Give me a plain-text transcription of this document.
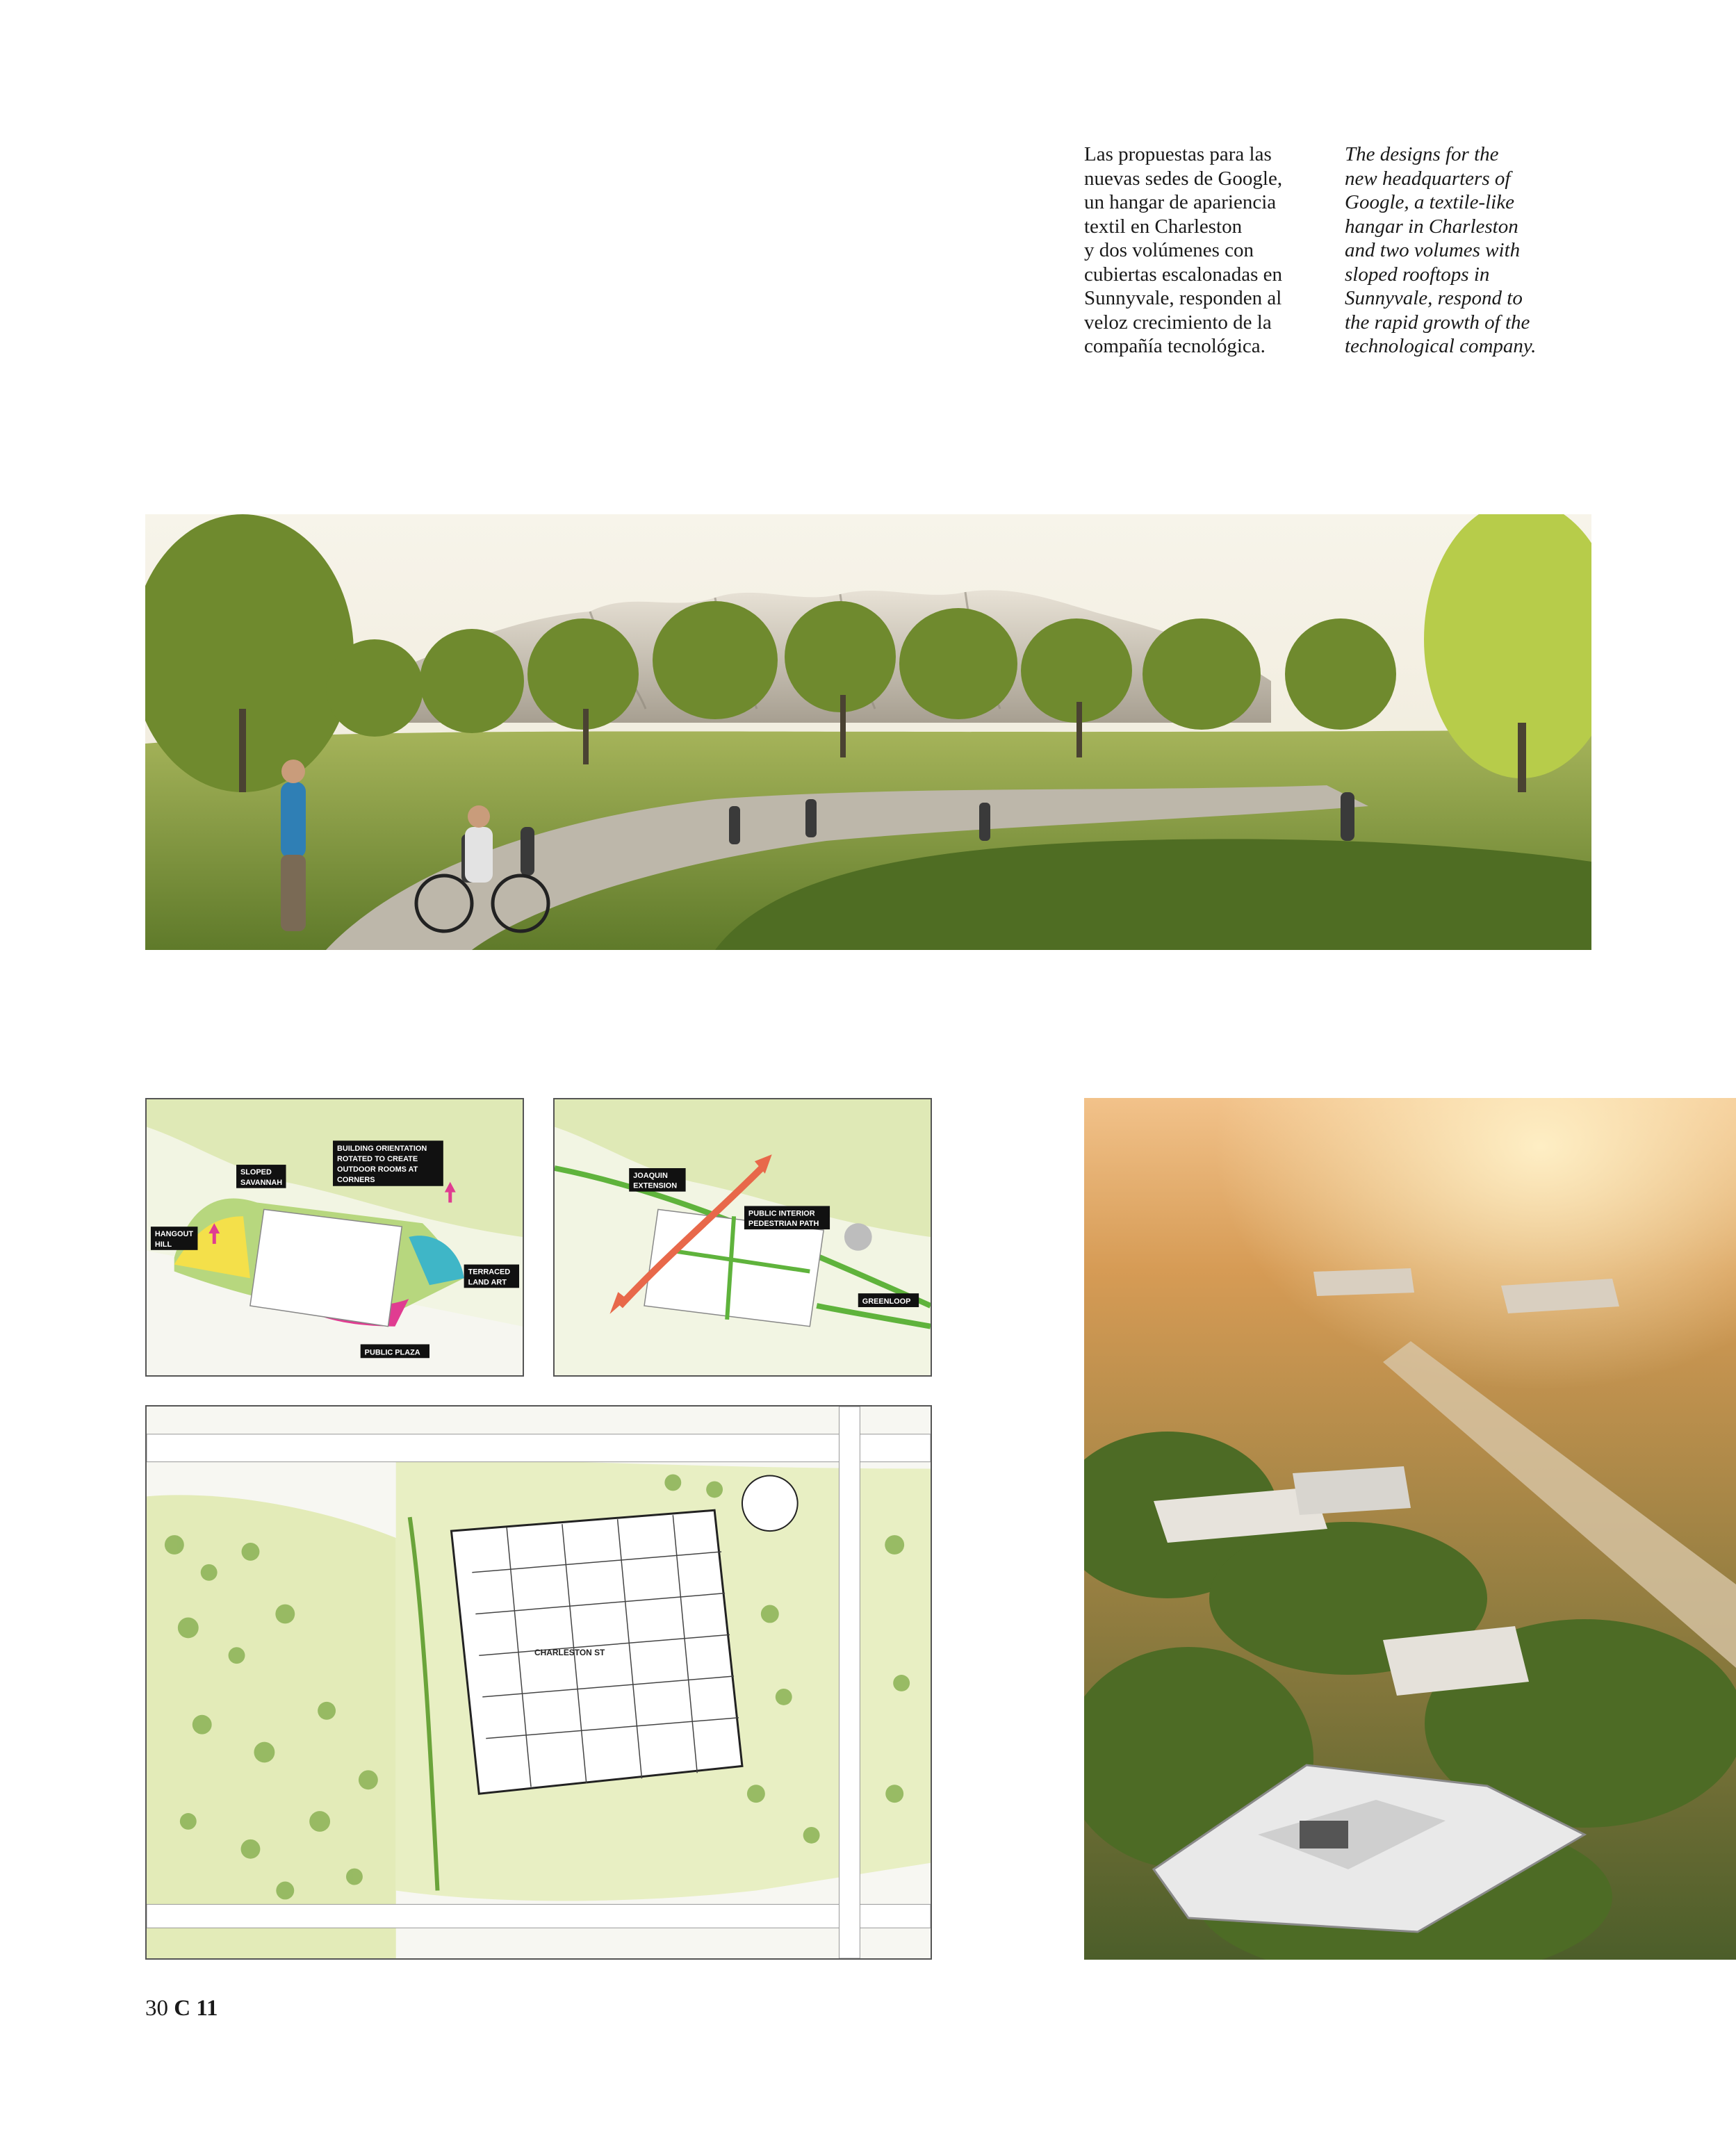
Las propuestas para las
nuevas sedes de Google,
un hangar de apariencia
textil en Charleston
y dos volúmenes con
cubiertas escalonadas en
Sunnyvale, responden al
veloz crecimiento de la
compañía tecnológica.

The designs for the
new headquarters of
Google, a textile-like
hangar in Charleston
and two volumes with
sloped rooftops in
Sunnyvale, respond to
the rapid growth of the
technological company.

SLOPED
SAVANNAH
BUILDING ORIENTATION
ROTATED TO CREATE
OUTDOOR ROOMS AT
CORNERS
HANGOUT
HILL
TERRACED
LAND ART
PUBLIC PLAZA
JOAQUIN
EXTENSION
PUBLIC INTERIOR
PEDESTRIAN PATH
GREENLOOP
CHARLESTON ST
30 C 11
